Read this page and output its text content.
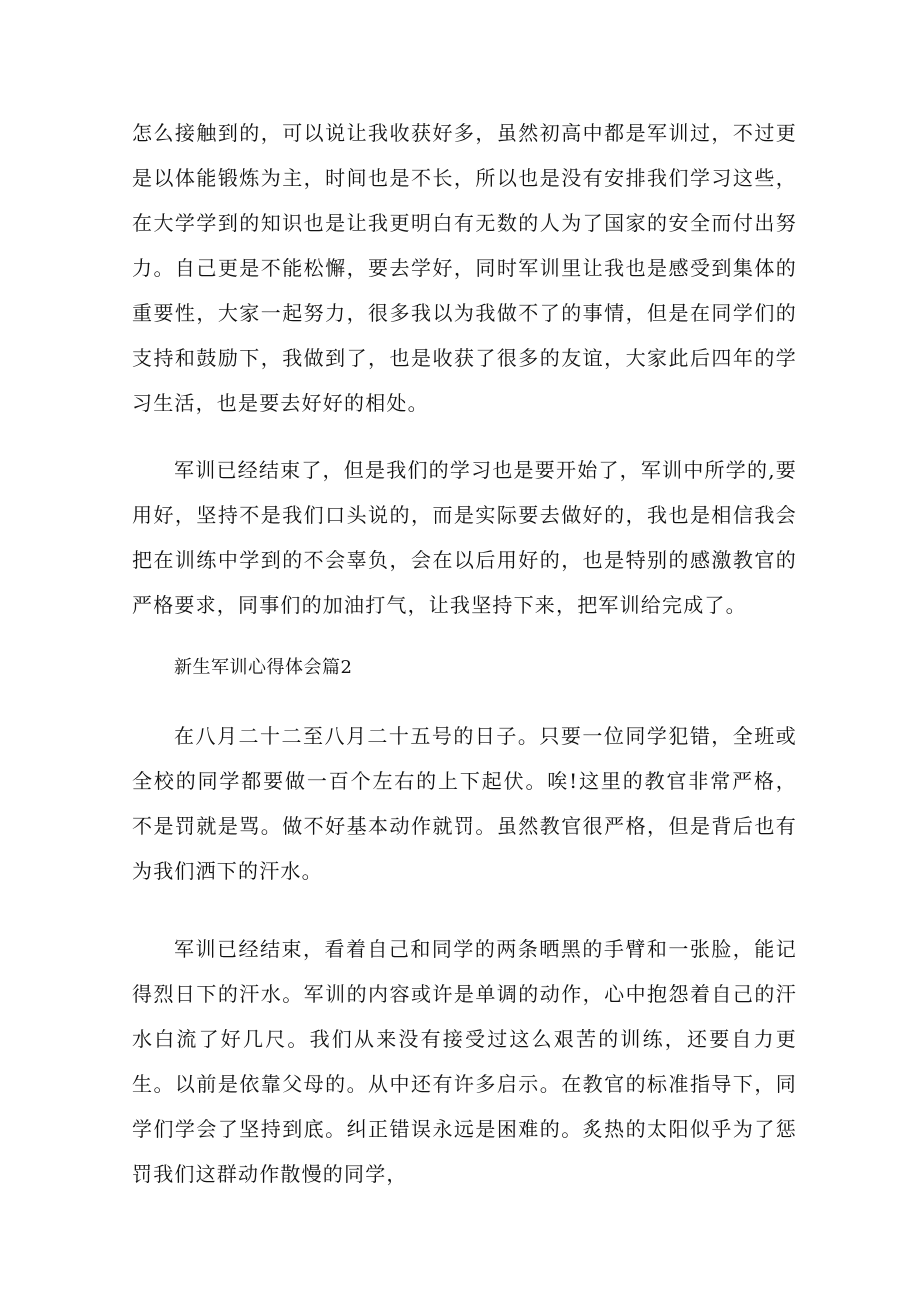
怎么接触到的，可以说让我收获好多，虽然初高中都是军训过，不过更是以体能锻炼为主，时间也是不长，所以也是没有安排我们学习这些，在大学学到的知识也是让我更明白有无数的人为了国家的安全而付出努力。自己更是不能松懈，要去学好，同时军训里让我也是感受到集体的重要性，大家一起努力，很多我以为我做不了的事情，但是在同学们的支持和鼓励下，我做到了，也是收获了很多的友谊，大家此后四年的学习生活，也是要去好好的相处。

军训已经结束了，但是我们的学习也是要开始了，军训中所学的,要用好，坚持不是我们口头说的，而是实际要去做好的，我也是相信我会把在训练中学到的不会辜负，会在以后用好的，也是特别的感激教官的严格要求，同事们的加油打气，让我坚持下来，把军训给完成了。

新生军训心得体会篇2

在八月二十二至八月二十五号的日子。只要一位同学犯错，全班或全校的同学都要做一百个左右的上下起伏。唉!这里的教官非常严格，不是罚就是骂。做不好基本动作就罚。虽然教官很严格，但是背后也有为我们洒下的汗水。

军训已经结束，看着自己和同学的两条晒黑的手臂和一张脸，能记得烈日下的汗水。军训的内容或许是单调的动作，心中抱怨着自己的汗水白流了好几尺。我们从来没有接受过这么艰苦的训练，还要自力更生。以前是依靠父母的。从中还有许多启示。在教官的标准指导下，同学们学会了坚持到底。纠正错误永远是困难的。炙热的太阳似乎为了惩罚我们这群动作散慢的同学，
